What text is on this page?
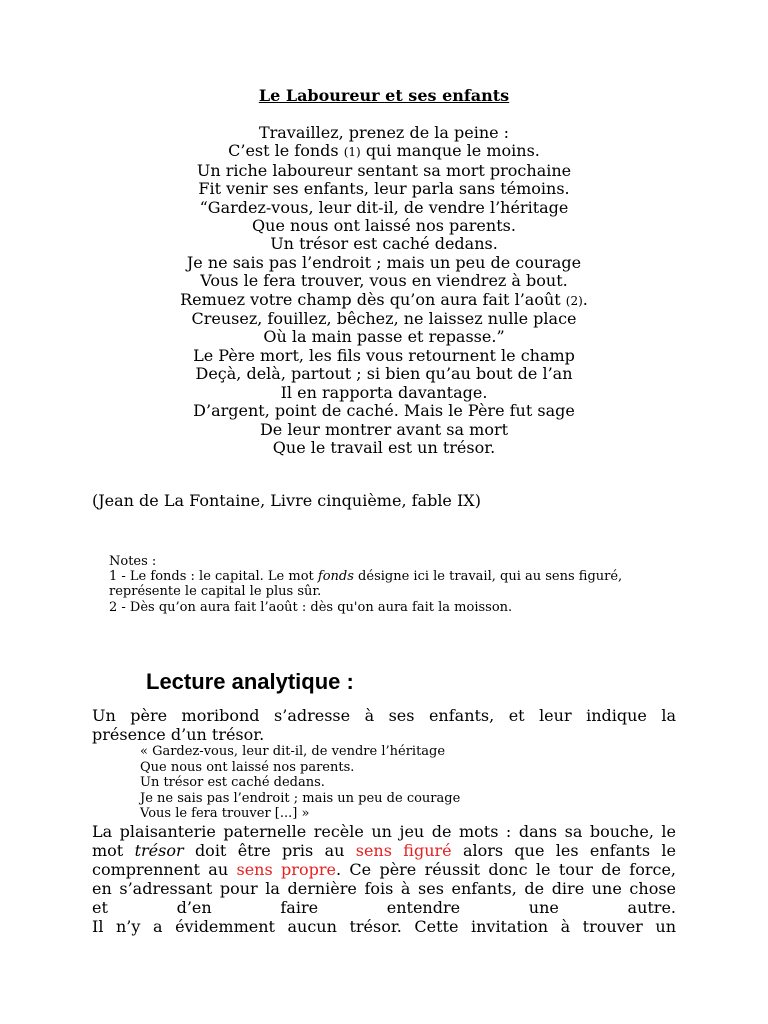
Le Laboureur et ses enfants
Travaillez, prenez de la peine :
C’est le fonds (1) qui manque le moins.
Un riche laboureur sentant sa mort prochaine
Fit venir ses enfants, leur parla sans témoins.
“Gardez-vous, leur dit-il, de vendre l’héritage
Que nous ont laissé nos parents.
Un trésor est caché dedans.
Je ne sais pas l’endroit ; mais un peu de courage
Vous le fera trouver, vous en viendrez à bout.
Remuez votre champ dès qu’on aura fait l’août (2).
Creusez, fouillez, bêchez, ne laissez nulle place
Où la main passe et repasse.”
Le Père mort, les fils vous retournent le champ
Deçà, delà, partout ; si bien qu’au bout de l’an
Il en rapporta davantage.
D’argent, point de caché. Mais le Père fut sage
De leur montrer avant sa mort
Que le travail est un trésor.
(Jean de La Fontaine, Livre cinquième, fable IX)
Notes :
1 - Le fonds : le capital. Le mot fonds désigne ici le travail, qui au sens figuré,
représente le capital le plus sûr.
2 - Dès qu’on aura fait l’août : dès qu'on aura fait la moisson.
Lecture analytique :
Un père moribond s’adresse à ses enfants, et leur indique la
présence d’un trésor.
« Gardez-vous, leur dit-il, de vendre l’héritage
Que nous ont laissé nos parents.
Un trésor est caché dedans.
Je ne sais pas l’endroit ; mais un peu de courage
Vous le fera trouver [...] »
La plaisanterie paternelle recèle un jeu de mots : dans sa bouche, le
mot trésor doit être pris au sens figuré alors que les enfants le
comprennent au sens propre. Ce père réussit donc le tour de force,
en s’adressant pour la dernière fois à ses enfants, de dire une chose
et d’en faire entendre une autre.
Il n’y a évidemment aucun trésor. Cette invitation à trouver un
